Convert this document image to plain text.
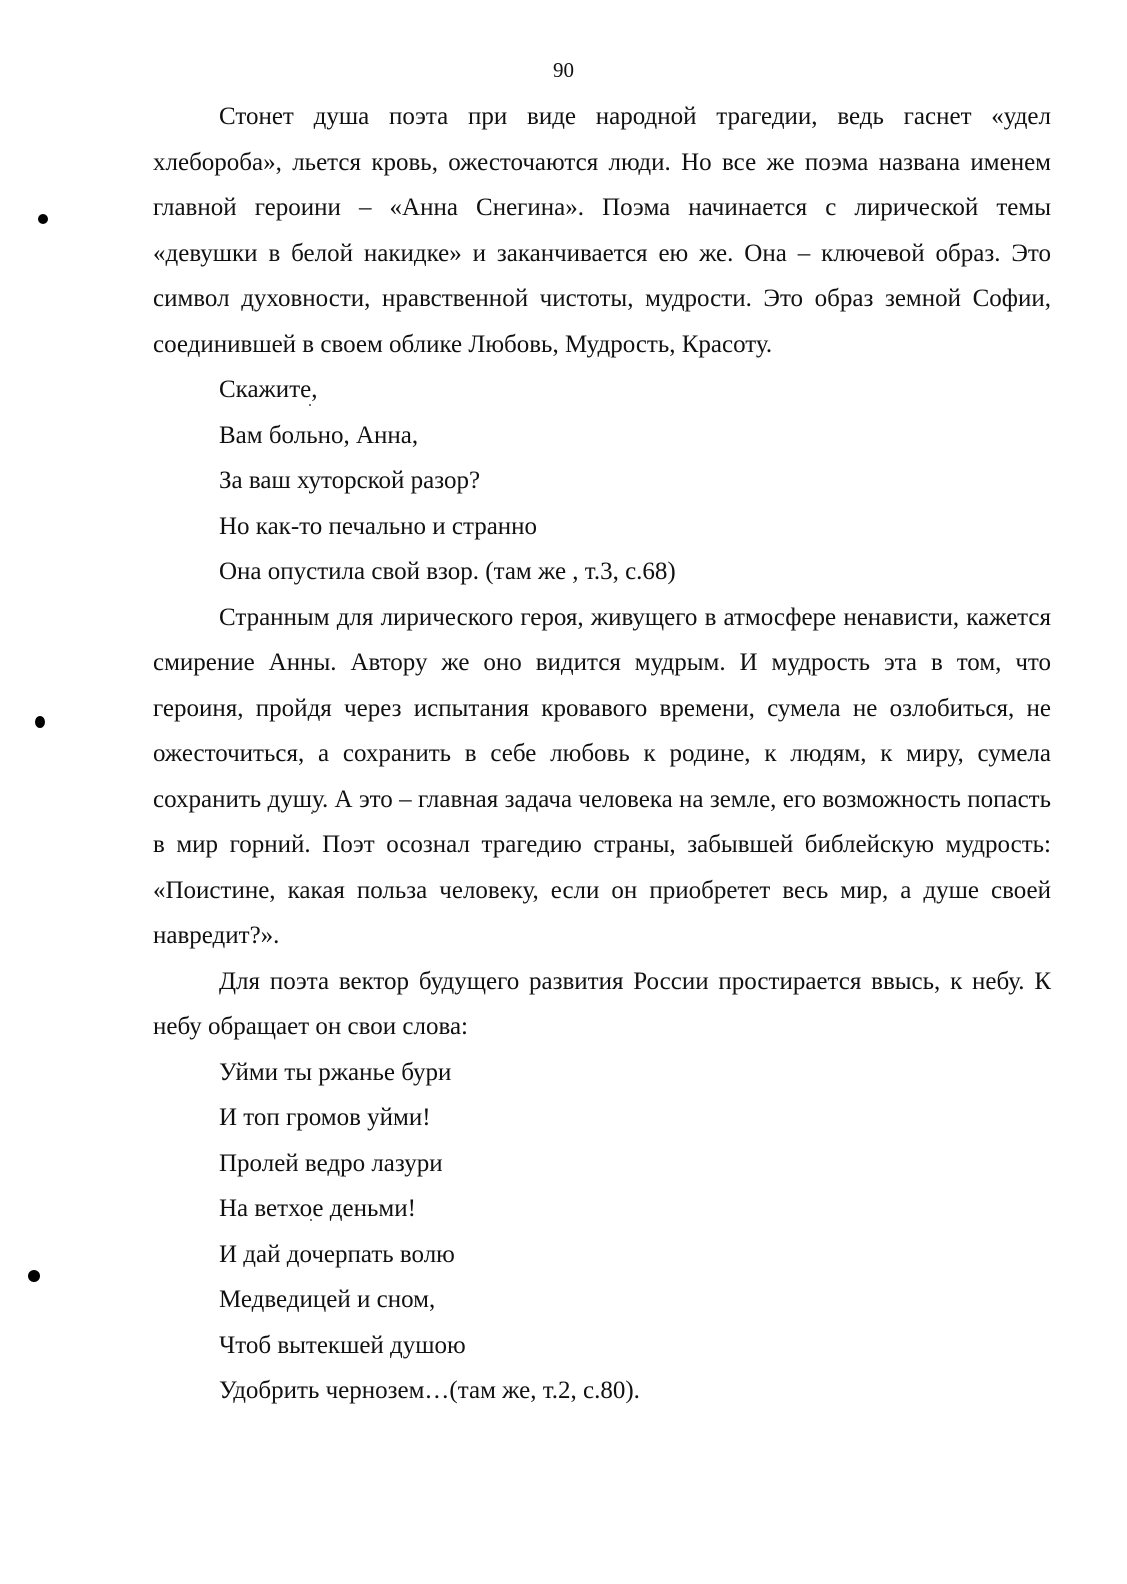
90

Стонет душа поэта при виде народной трагедии, ведь гаснет «удел хлебороба», льется кровь, ожесточаются люди. Но все же поэма названа именем главной героини – «Анна Снегина». Поэма начинается с лирической темы «девушки в белой накидке» и заканчивается ею же. Она – ключевой образ. Это символ духовности, нравственной чистоты, мудрости. Это образ земной Софии, соединившей в своем облике Любовь, Мудрость, Красоту.

Скажите,
Вам больно, Анна,
За ваш хуторской разор?
Но как-то печально и странно
Она опустила свой взор. (там же , т.3, с.68)

Странным для лирического героя, живущего в атмосфере ненависти, кажется смирение Анны. Автору же оно видится мудрым. И мудрость эта в том, что героиня, пройдя через испытания кровавого времени, сумела не озлобиться, не ожесточиться, а сохранить в себе любовь к родине, к людям, к миру, сумела сохранить душу. А это – главная задача человека на земле, его возможность попасть в мир горний. Поэт осознал трагедию страны, забывшей библейскую мудрость: «Поистине, какая польза человеку, если он приобретет весь мир, а душе своей навредит?».

Для поэта вектор будущего развития России простирается ввысь, к небу. К небу обращает он свои слова:

Уйми ты ржанье бури
И топ громов уйми!
Пролей ведро лазури
На ветхое деньми!
И дай дочерпать волю
Медведицей и сном,
Чтоб вытекшей душою
Удобрить чернозем…(там же, т.2, с.80).
